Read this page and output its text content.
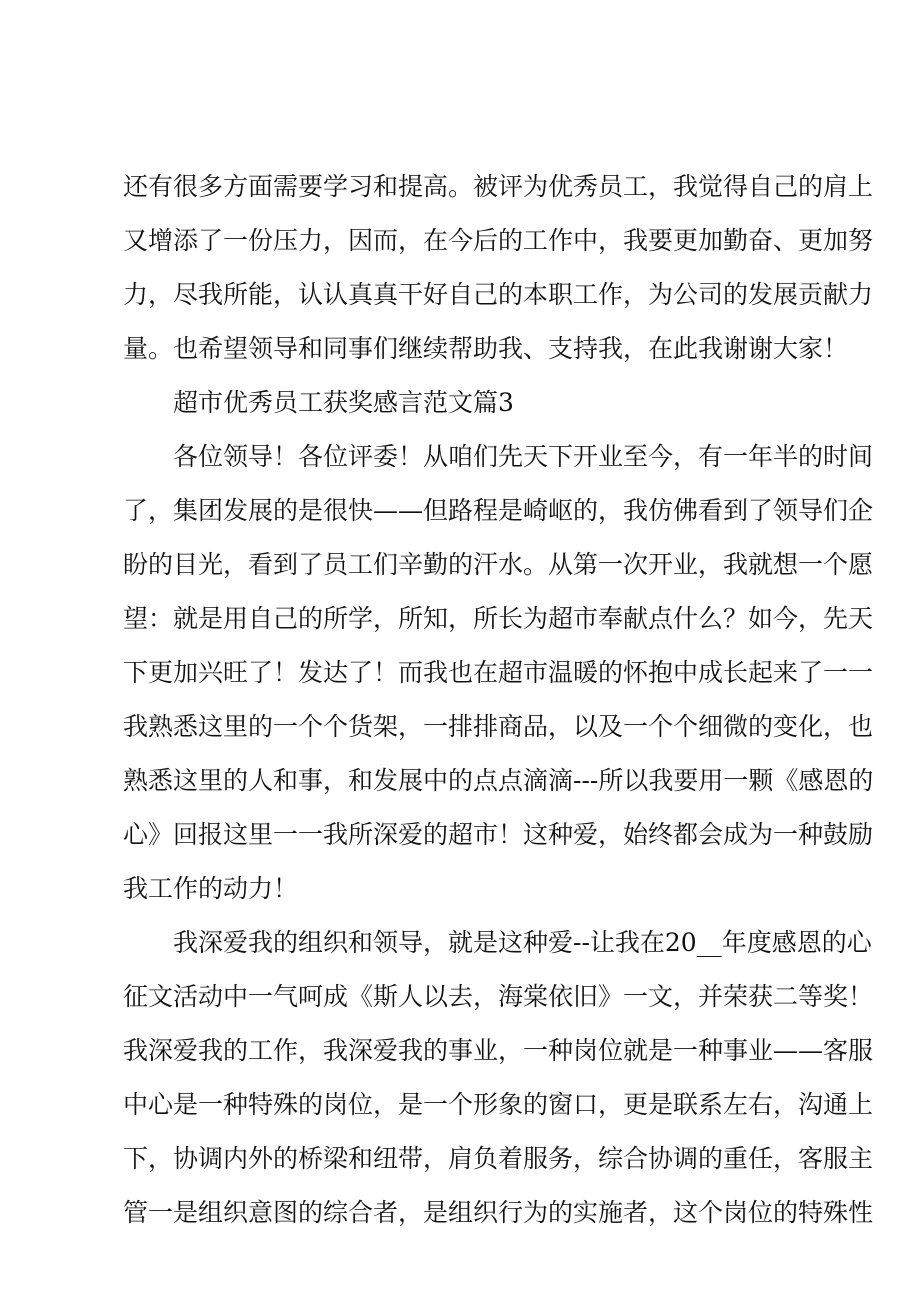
还有很多方面需要学习和提高。被评为优秀员工，我觉得自己的肩上
又增添了一份压力，因而，在今后的工作中，我要更加勤奋、更加努
力，尽我所能，认认真真干好自己的本职工作，为公司的发展贡献力
量。也希望领导和同事们继续帮助我、支持我，在此我谢谢大家！
超市优秀员工获奖感言范文篇3
各位领导！各位评委！从咱们先天下开业至今，有一年半的时间
了，集团发展的是很快——但路程是崎岖的，我仿佛看到了领导们企
盼的目光，看到了员工们辛勤的汗水。从第一次开业，我就想一个愿
望：就是用自己的所学，所知，所长为超市奉献点什么？如今，先天
下更加兴旺了！发达了！而我也在超市温暖的怀抱中成长起来了一一
我熟悉这里的一个个货架，一排排商品，以及一个个细微的变化，也
熟悉这里的人和事，和发展中的点点滴滴---所以我要用一颗《感恩的
心》回报这里一一我所深爱的超市！这种爱，始终都会成为一种鼓励
我工作的动力！
我深爱我的组织和领导，就是这种爱--让我在20__年度感恩的心
征文活动中一气呵成《斯人以去，海棠依旧》一文，并荣获二等奖！
我深爱我的工作，我深爱我的事业，一种岗位就是一种事业——客服
中心是一种特殊的岗位，是一个形象的窗口，更是联系左右，沟通上
下，协调内外的桥梁和纽带，肩负着服务，综合协调的重任，客服主
管一是组织意图的综合者，是组织行为的实施者，这个岗位的特殊性
